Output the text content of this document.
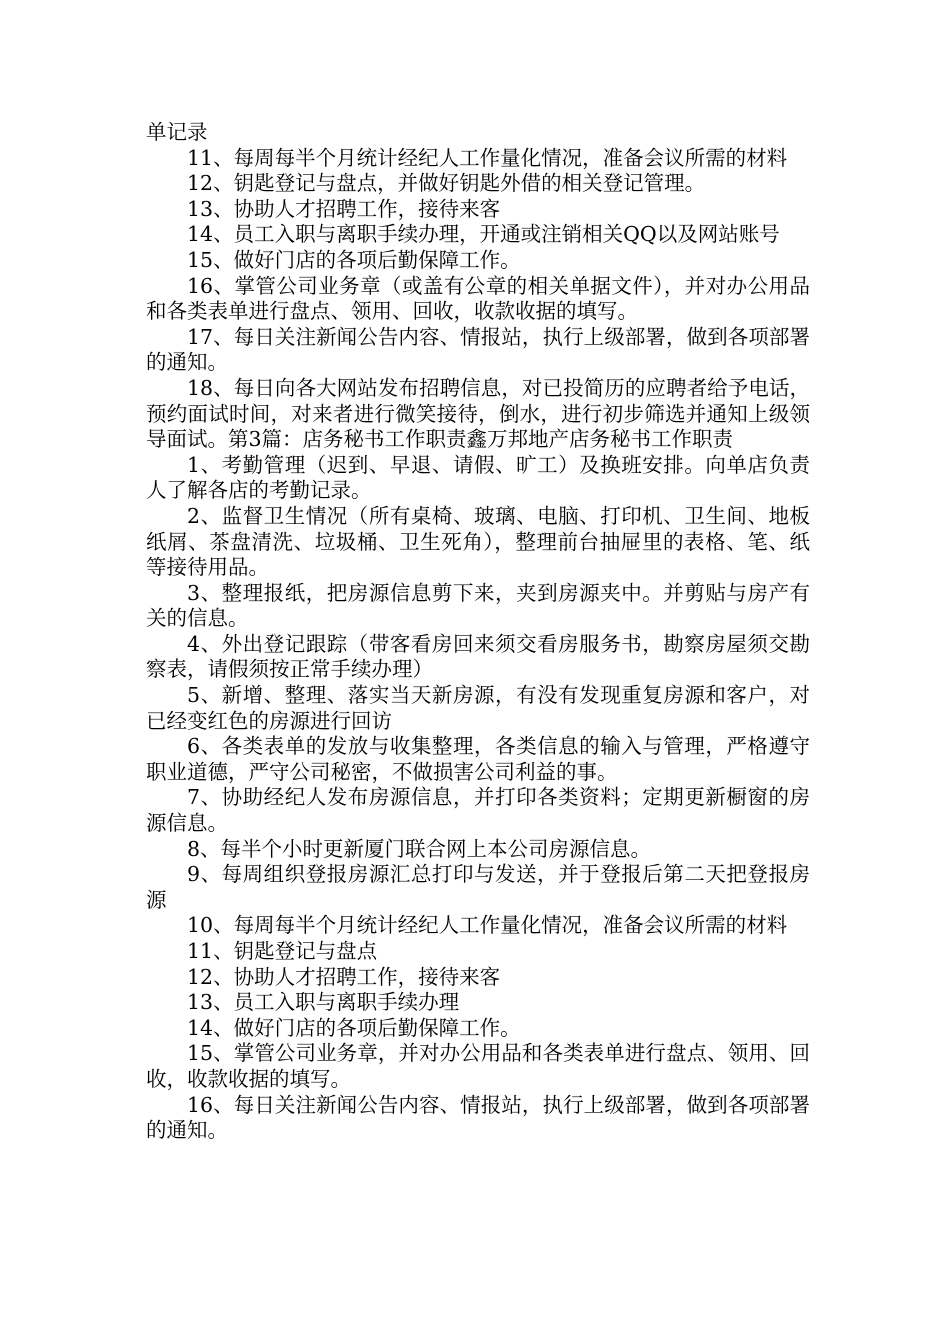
单记录

11、每周每半个月统计经纪人工作量化情况，准备会议所需的材料

12、钥匙登记与盘点，并做好钥匙外借的相关登记管理。

13、协助人才招聘工作，接待来客

14、员工入职与离职手续办理，开通或注销相关QQ以及网站账号

15、做好门店的各项后勤保障工作。

16、掌管公司业务章（或盖有公章的相关单据文件），并对办公用品和各类表单进行盘点、领用、回收，收款收据的填写。

17、每日关注新闻公告内容、情报站，执行上级部署，做到各项部署的通知。

18、每日向各大网站发布招聘信息，对已投简历的应聘者给予电话，预约面试时间，对来者进行微笑接待，倒水，进行初步筛选并通知上级领导面试。第3篇：店务秘书工作职责鑫万邦地产店务秘书工作职责

1、考勤管理（迟到、早退、请假、旷工）及换班安排。向单店负责人了解各店的考勤记录。

2、监督卫生情况（所有桌椅、玻璃、电脑、打印机、卫生间、地板纸屑、茶盘清洗、垃圾桶、卫生死角），整理前台抽屉里的表格、笔、纸等接待用品。

3、整理报纸，把房源信息剪下来，夹到房源夹中。并剪贴与房产有关的信息。

4、外出登记跟踪（带客看房回来须交看房服务书，勘察房屋须交勘察表，请假须按正常手续办理）

5、新增、整理、落实当天新房源，有没有发现重复房源和客户，对已经变红色的房源进行回访

6、各类表单的发放与收集整理，各类信息的输入与管理，严格遵守职业道德，严守公司秘密，不做损害公司利益的事。

7、协助经纪人发布房源信息，并打印各类资料；定期更新橱窗的房源信息。

8、每半个小时更新厦门联合网上本公司房源信息。

9、每周组织登报房源汇总打印与发送，并于登报后第二天把登报房源

10、每周每半个月统计经纪人工作量化情况，准备会议所需的材料

11、钥匙登记与盘点

12、协助人才招聘工作，接待来客

13、员工入职与离职手续办理

14、做好门店的各项后勤保障工作。

15、掌管公司业务章，并对办公用品和各类表单进行盘点、领用、回收，收款收据的填写。

16、每日关注新闻公告内容、情报站，执行上级部署，做到各项部署的通知。
